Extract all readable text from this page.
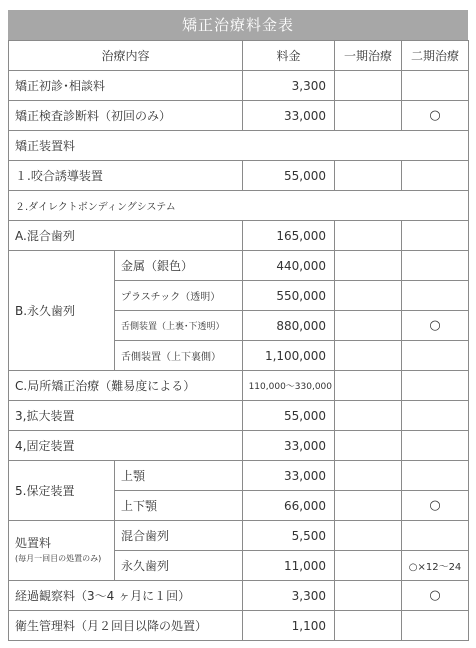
矯正治療料金表
治療内容		料金	一期治療	二期治療
矯正初診･相談料		3,300		
矯正検査診断料（初回のみ）		33,000		○
矯正装置料				
１.咬合誘導装置		55,000		
２.ダイレクトボンディングシステム				
A.混合歯列		165,000		
B.永久歯列	金属（銀色）	440,000		
	プラスチック（透明）	550,000		
	舌側装置（上裏･下透明）	880,000		○
	舌側装置（上下裏側）	1,100,000		
C.局所矯正治療（難易度による）		110,000～330,000		
3,拡大装置		55,000		
4,固定装置		33,000		
5.保定装置	上顎	33,000		
	上下顎	66,000		○
処置料
(毎月一回目の処置のみ)	混合歯列	5,500		
	永久歯列	11,000		○×12～24
経過観察料（3～4 ヶ月に１回）		3,300		○
衛生管理料（月２回目以降の処置）		1,100		
